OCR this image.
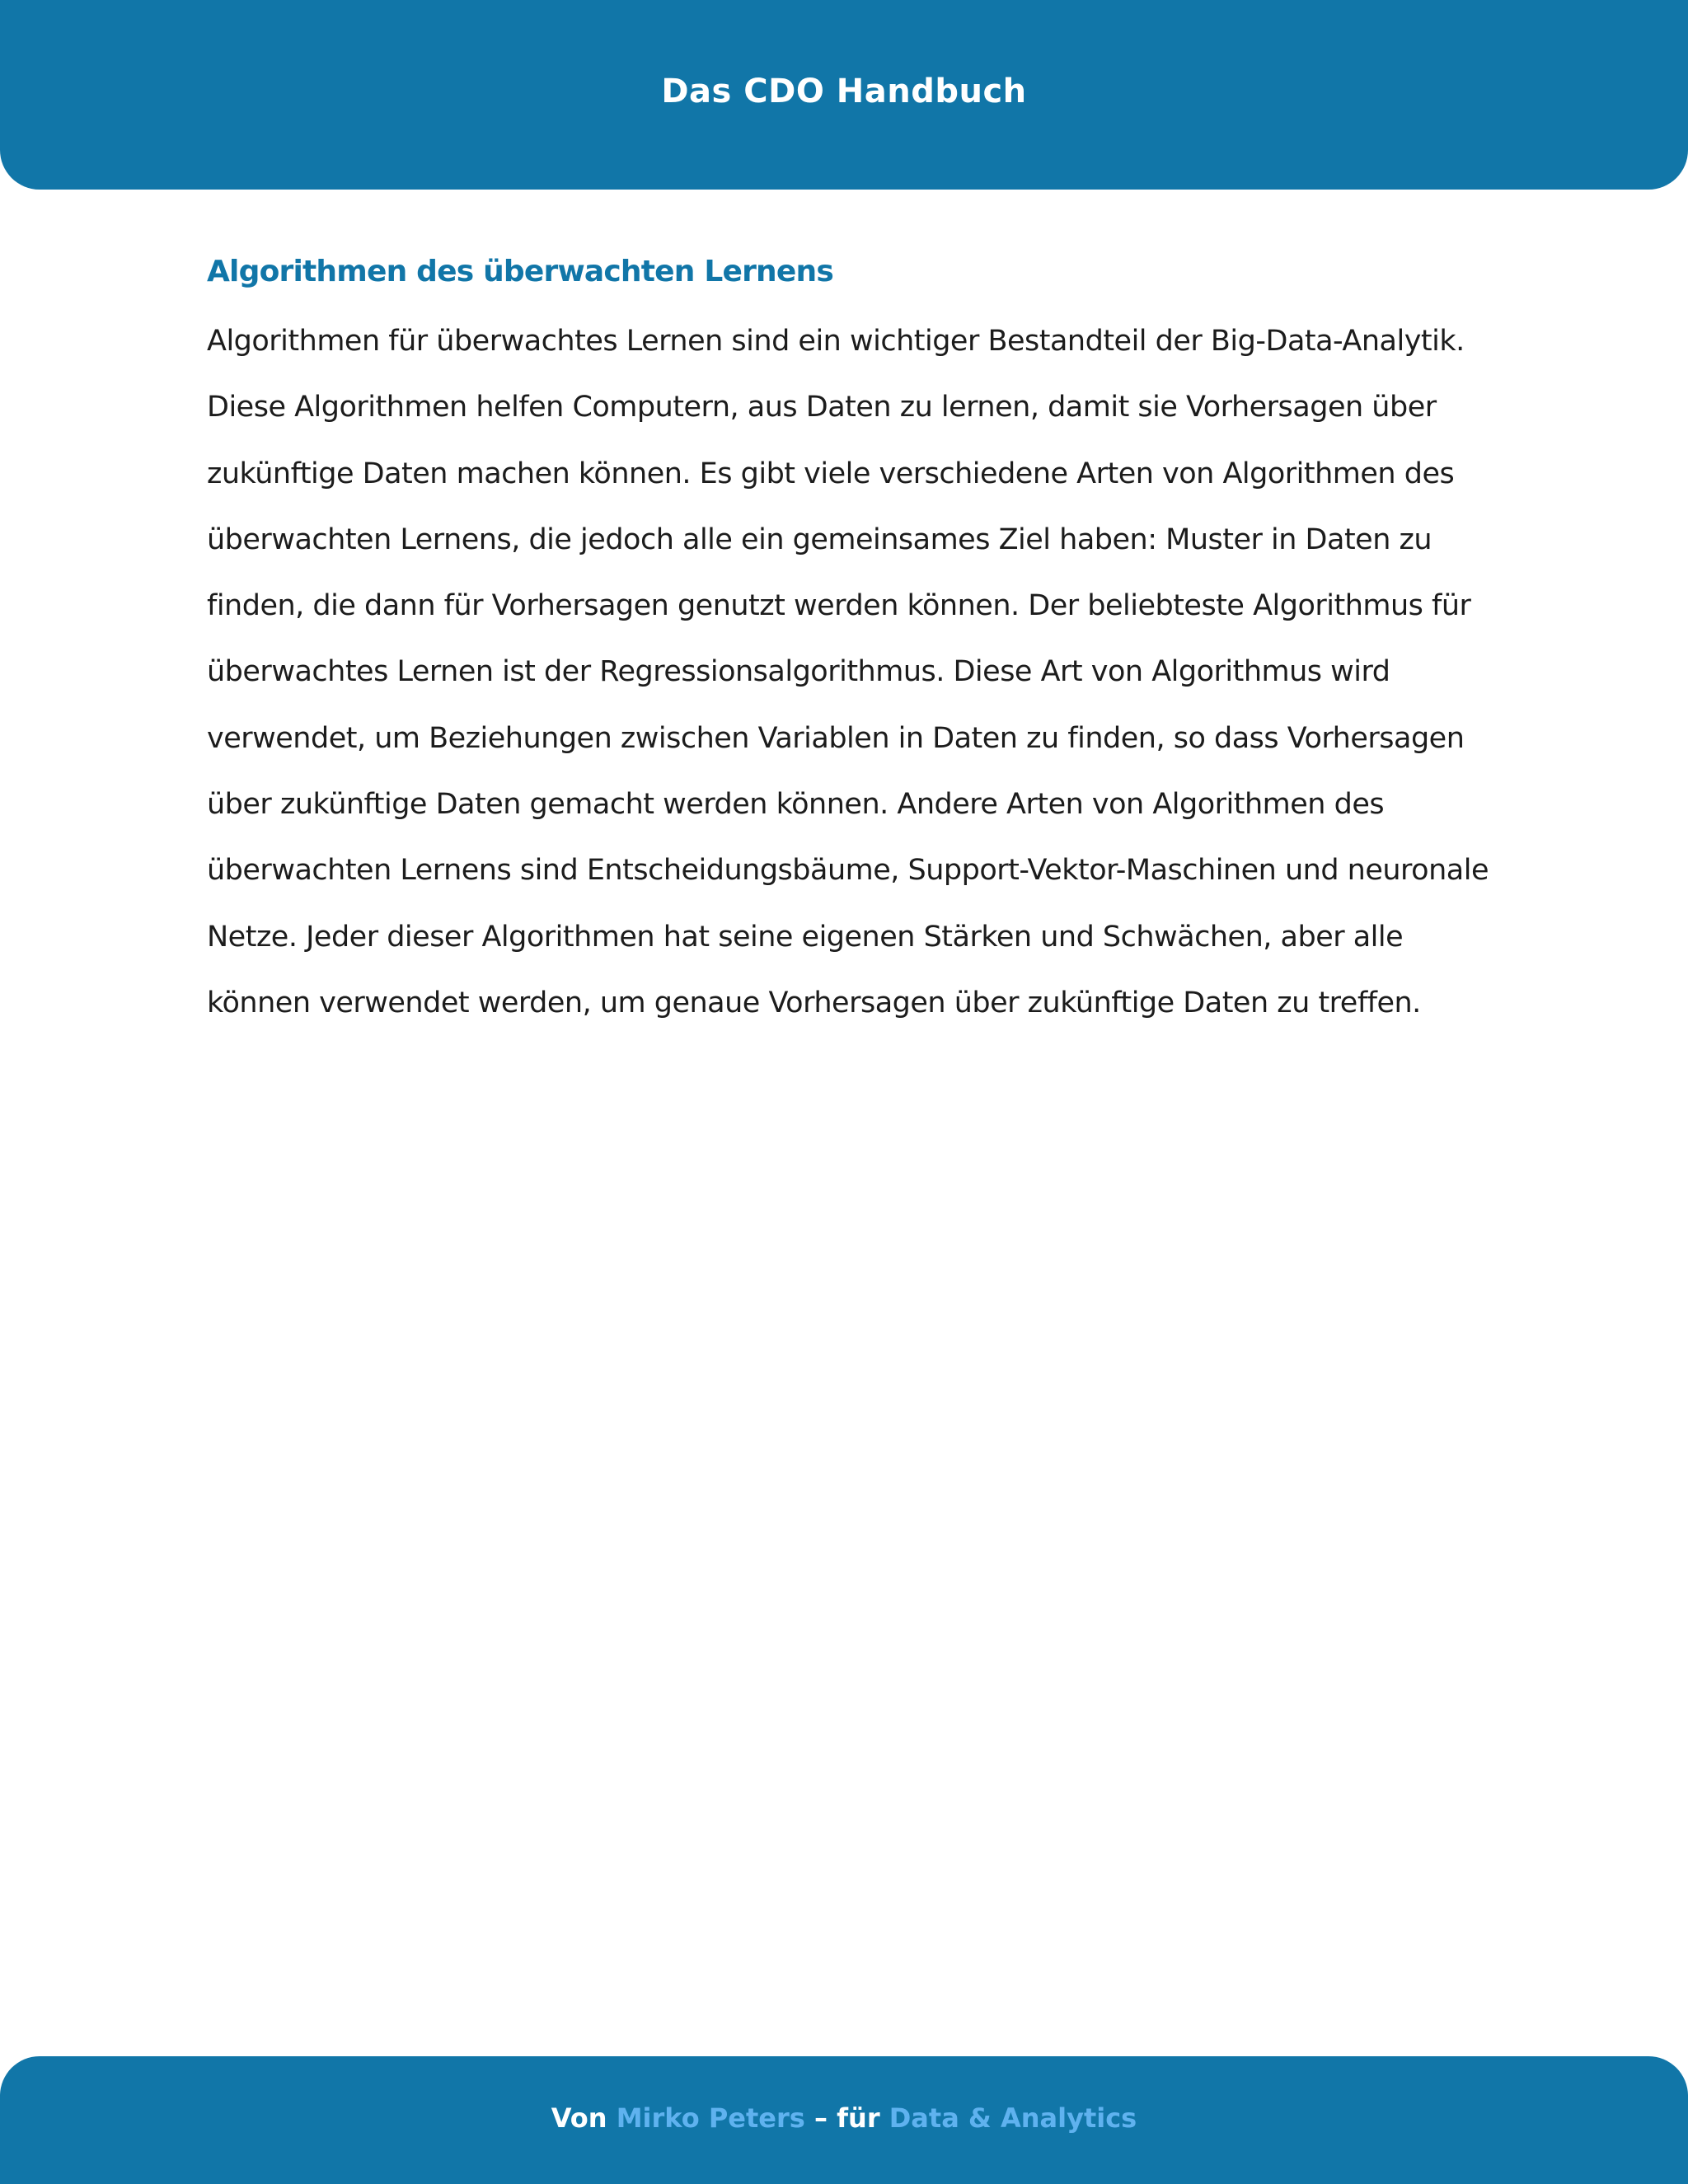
Das CDO Handbuch
Algorithmen des überwachten Lernens

Algorithmen für überwachtes Lernen sind ein wichtiger Bestandteil der Big-Data-Analytik. Diese Algorithmen helfen Computern, aus Daten zu lernen, damit sie Vorhersagen über zukünftige Daten machen können. Es gibt viele verschiedene Arten von Algorithmen des überwachten Lernens, die jedoch alle ein gemeinsames Ziel haben: Muster in Daten zu finden, die dann für Vorhersagen genutzt werden können. Der beliebteste Algorithmus für überwachtes Lernen ist der Regressionsalgorithmus. Diese Art von Algorithmus wird verwendet, um Beziehungen zwischen Variablen in Daten zu finden, so dass Vorhersagen über zukünftige Daten gemacht werden können. Andere Arten von Algorithmen des überwachten Lernens sind Entscheidungsbäume, Support-Vektor-Maschinen und neuronale Netze. Jeder dieser Algorithmen hat seine eigenen Stärken und Schwächen, aber alle können verwendet werden, um genaue Vorhersagen über zukünftige Daten zu treffen.

Von Mirko Peters – für Data & Analytics
